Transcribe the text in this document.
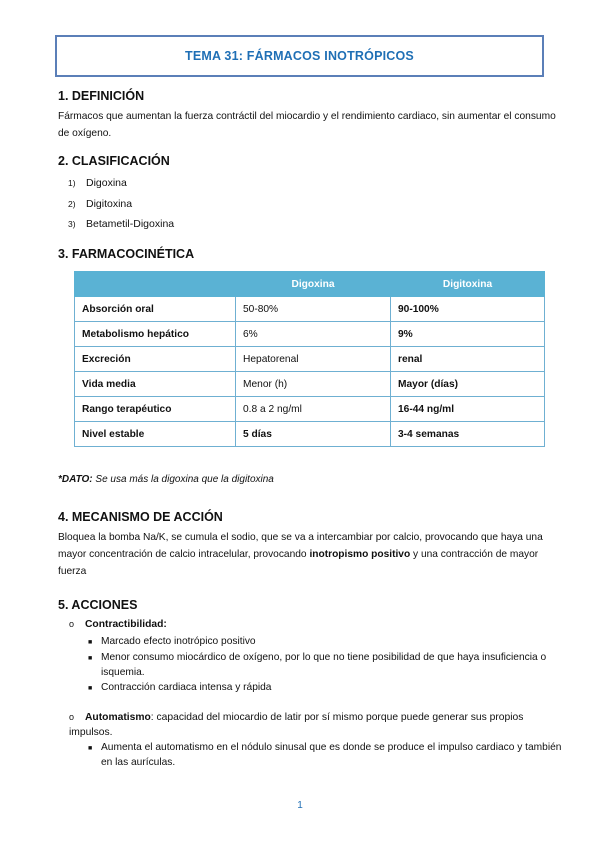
TEMA 31: FÁRMACOS INOTRÓPICOS
1. DEFINICIÓN
Fármacos que aumentan la fuerza contráctil del miocardio y el rendimiento cardiaco, sin aumentar el consumo de oxígeno.
2. CLASIFICACIÓN
1) Digoxina
2) Digitoxina
3) Betametil-Digoxina
3. FARMACOCINÉTICA
	Digoxina	Digitoxina
Absorción oral	50-80%	90-100%
Metabolismo hepático	6%	9%
Excreción	Hepatorenal	renal
Vida media	Menor (h)	Mayor (días)
Rango terapéutico	0.8 a 2 ng/ml	16-44 ng/ml
Nivel estable	5 días	3-4 semanas
*DATO: Se usa más la digoxina que la digitoxina
4. MECANISMO DE ACCIÓN
Bloquea la bomba Na/K, se cumula el sodio, que se va a intercambiar por calcio, provocando que haya una mayor concentración de calcio intracelular, provocando inotropismo positivo y una contracción de mayor fuerza
5. ACCIONES
o Contractibilidad:
■ Marcado efecto inotrópico positivo
■ Menor consumo miocárdico de oxígeno, por lo que no tiene posibilidad de que haya insuficiencia o isquemia.
■ Contracción cardiaca intensa y rápida
o Automatismo: capacidad del miocardio de latir por sí mismo porque puede generar sus propios impulsos.
■ Aumenta el automatismo en el nódulo sinusal que es donde se produce el impulso cardiaco y también en las aurículas.
1
